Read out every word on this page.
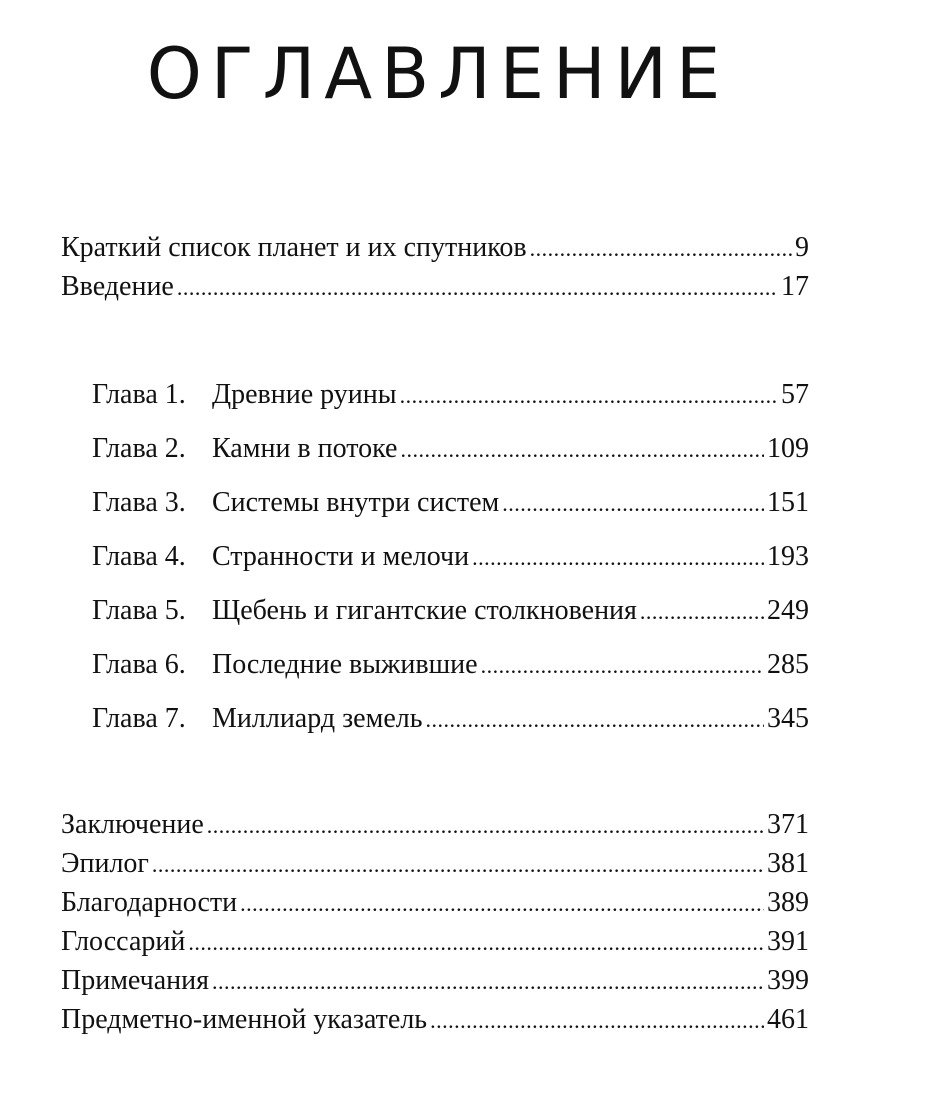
ОГЛАВЛЕНИЕ
Краткий список планет и их спутников .....	9
Введение .....	17
Глава 1. Древние руины .....	57
Глава 2. Камни в потоке .....	109
Глава 3. Системы внутри систем .....	151
Глава 4. Странности и мелочи .....	193
Глава 5. Щебень и гигантские столкновения .....	249
Глава 6. Последние выжившие .....	285
Глава 7. Миллиард земель .....	345
Заключение .....	371
Эпилог .....	381
Благодарности .....	389
Глоссарий .....	391
Примечания .....	399
Предметно-именной указатель .....	461
